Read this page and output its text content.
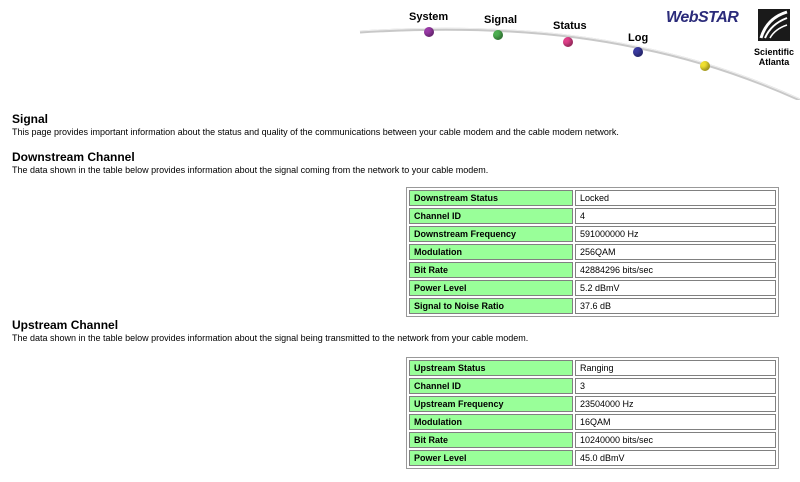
System	Signal	Status
Log
WebSTAR
Scientific
Atlanta
Signal
This page provides important information about the status and quality of the communications between your cable modem and the cable modem network.
Downstream Channel
The data shown in the table below provides information about the signal coming from the network to your cable modem.
Downstream Status	Locked
Channel ID	4
Downstream Frequency	591000000 Hz
Modulation	256QAM
Bit Rate	42884296 bits/sec
Power Level	5.2 dBmV
Signal to Noise Ratio	37.6 dB
Upstream Channel
The data shown in the table below provides information about the signal being transmitted to the network from your cable modem.
Upstream Status	Ranging
Channel ID	3
Upstream Frequency	23504000 Hz
Modulation	16QAM
Bit Rate	10240000 bits/sec
Power Level	45.0 dBmV
